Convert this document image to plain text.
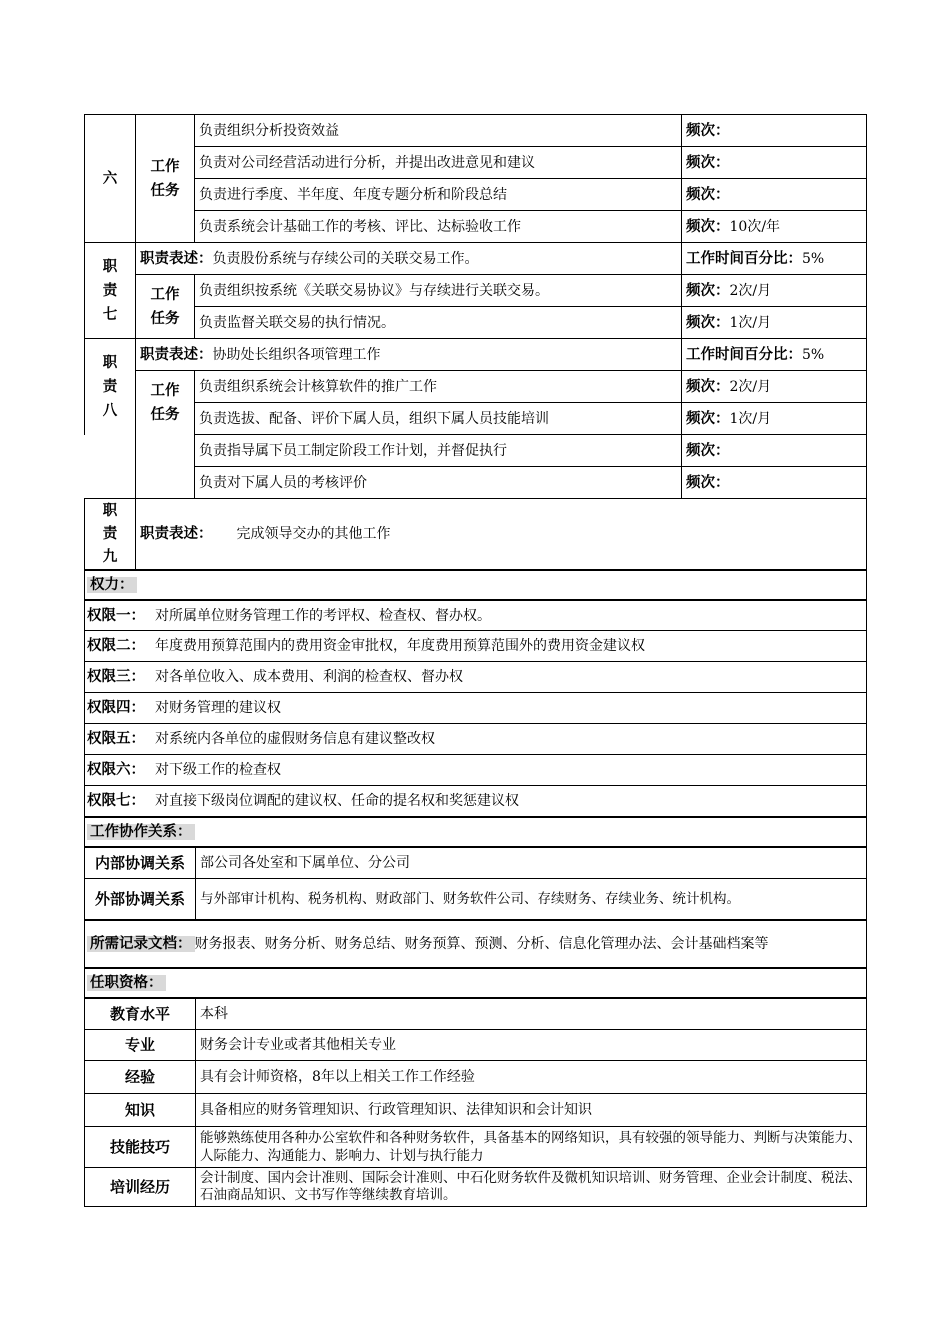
六	工作任务	负责组织分析投资效益	频次：
		负责对公司经营活动进行分析，并提出改进意见和建议	频次：
		负责进行季度、半年度、年度专题分析和阶段总结	频次：
		负责系统会计基础工作的考核、评比、达标验收工作	频次：10次/年
职责七	职责表述：负责股份系统与存续公司的关联交易工作。		工作时间百分比：5%
	工作任务	负责组织按系统《关联交易协议》与存续进行关联交易。	频次：2次/月
		负责监督关联交易的执行情况。	频次：1次/月
职责八	职责表述：协助处长组织各项管理工作		工作时间百分比：5%
	工作任务	负责组织系统会计核算软件的推广工作	频次：2次/月
		负责选拔、配备、评价下属人员，组织下属人员技能培训	频次：1次/月
		负责指导属下员工制定阶段工作计划，并督促执行	频次：
		负责对下属人员的考核评价	频次：
职责九	职责表述： 完成领导交办的其他工作
权力：
权限一： 对所属单位财务管理工作的考评权、检查权、督办权。
权限二： 年度费用预算范围内的费用资金审批权，年度费用预算范围外的费用资金建议权
权限三： 对各单位收入、成本费用、利润的检查权、督办权
权限四： 对财务管理的建议权
权限五： 对系统内各单位的虚假财务信息有建议整改权
权限六： 对下级工作的检查权
权限七： 对直接下级岗位调配的建议权、任命的提名权和奖惩建议权
工作协作关系：	
内部协调关系	部公司各处室和下属单位、分公司
外部协调关系	与外部审计机构、税务机构、财政部门、财务软件公司、存续财务、存续业务、统计机构。
所需记录文档： 财务报表、财务分析、财务总结、财务预算、预测、分析、信息化管理办法、会计基础档案等
任职资格：	
教育水平	本科
专业	财务会计专业或者其他相关专业
经验	具有会计师资格，8年以上相关工作工作经验
知识	具备相应的财务管理知识、行政管理知识、法律知识和会计知识
技能技巧	能够熟练使用各种办公室软件和各种财务软件，具备基本的网络知识，具有较强的领导能力、判断与决策能力、人际能力、沟通能力、影响力、计划与执行能力
培训经历	会计制度、国内会计准则、国际会计准则、中石化财务软件及微机知识培训、财务管理、企业会计制度、税法、石油商品知识、文书写作等继续教育培训。
